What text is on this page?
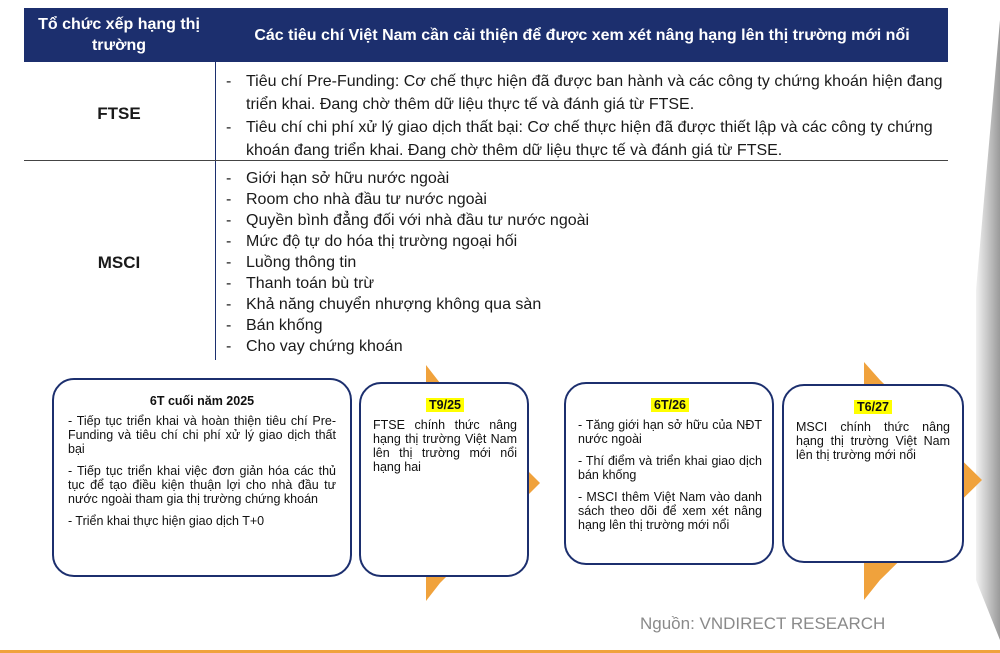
Tổ chức xếp hạng thị trường
Các tiêu chí Việt Nam cần cải thiện để được xem xét nâng hạng lên thị trường mới nổi
FTSE
- Tiêu chí Pre-Funding: Cơ chế thực hiện đã được ban hành và các công ty chứng khoán hiện đang triển khai. Đang chờ thêm dữ liệu thực tế và đánh giá từ FTSE.
- Tiêu chí chi phí xử lý giao dịch thất bại: Cơ chế thực hiện đã được thiết lập và các công ty chứng khoán đang triển khai. Đang chờ thêm dữ liệu thực tế và đánh giá từ FTSE.
MSCI
- Giới hạn sở hữu nước ngoài
- Room cho nhà đầu tư nước ngoài
- Quyền bình đẳng đối với nhà đầu tư nước ngoài
- Mức độ tự do hóa thị trường ngoại hối
- Luồng thông tin
- Thanh toán bù trừ
- Khả năng chuyển nhượng không qua sàn
- Bán khống
- Cho vay chứng khoán
6T cuối năm 2025

- Tiếp tục triển khai và hoàn thiện tiêu chí Pre-Funding và tiêu chí chi phí xử lý giao dịch thất bại

- Tiếp tục triển khai việc đơn giản hóa các thủ tục để tạo điều kiện thuận lợi cho nhà đầu tư nước ngoài tham gia thị trường chứng khoán

- Triển khai thực hiện giao dịch T+0

T9/25

FTSE chính thức nâng hạng thị trường Việt Nam lên thị trường mới nổi hạng hai

6T/26

- Tăng giới hạn sở hữu của NĐT nước ngoài

- Thí điểm và triển khai giao dịch bán khống

- MSCI thêm Việt Nam vào danh sách theo dõi để xem xét nâng hạng lên thị trường mới nổi

T6/27

MSCI chính thức nâng hạng thị trường Việt Nam lên thị trường mới nổi

Nguồn: VNDIRECT RESEARCH
